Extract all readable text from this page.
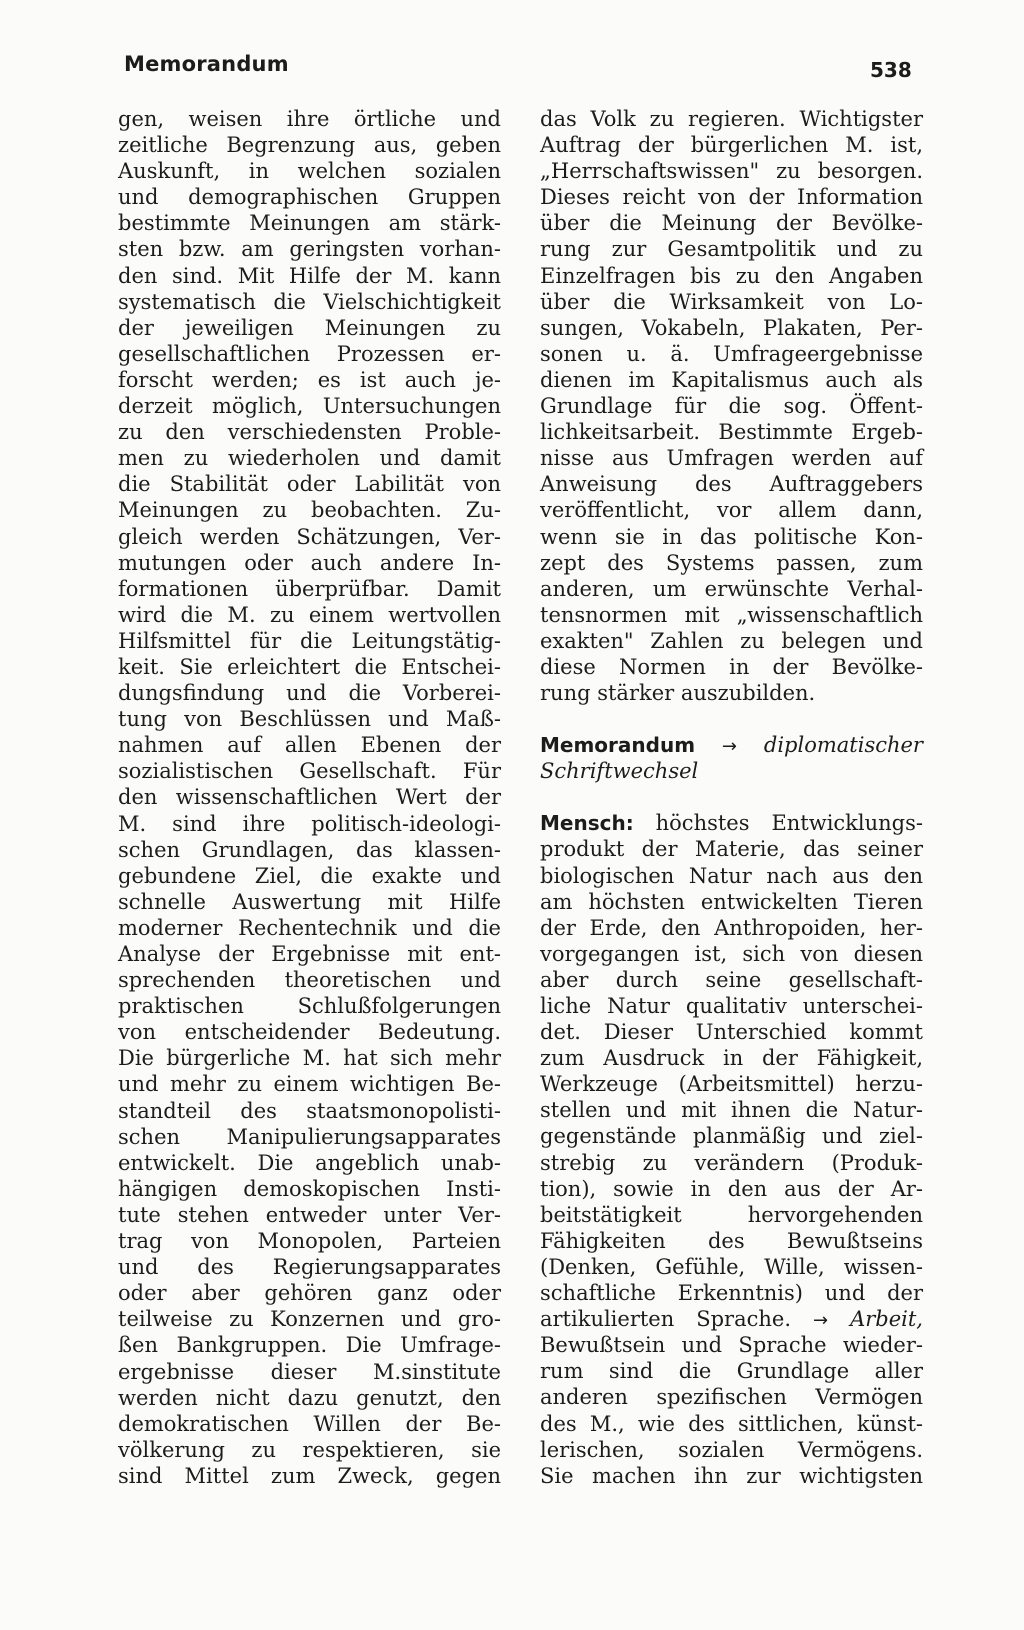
Memorandum	538
gen, weisen ihre örtliche und
zeitliche Begrenzung aus, geben
Auskunft, in welchen sozialen
und demographischen Gruppen
bestimmte Meinungen am stärk-
sten bzw. am geringsten vorhan-
den sind. Mit Hilfe der M. kann
systematisch die Vielschichtigkeit
der jeweiligen Meinungen zu
gesellschaftlichen Prozessen er-
forscht werden; es ist auch je-
derzeit möglich, Untersuchungen
zu den verschiedensten Proble-
men zu wiederholen und damit
die Stabilität oder Labilität von
Meinungen zu beobachten. Zu-
gleich werden Schätzungen, Ver-
mutungen oder auch andere In-
formationen überprüfbar. Damit
wird die M. zu einem wertvollen
Hilfsmittel für die Leitungstätig-
keit. Sie erleichtert die Entschei-
dungsfindung und die Vorberei-
tung von Beschlüssen und Maß-
nahmen auf allen Ebenen der
sozialistischen Gesellschaft. Für
den wissenschaftlichen Wert der
M. sind ihre politisch-ideologi-
schen Grundlagen, das klassen-
gebundene Ziel, die exakte und
schnelle Auswertung mit Hilfe
moderner Rechentechnik und die
Analyse der Ergebnisse mit ent-
sprechenden theoretischen und
praktischen Schlußfolgerungen
von entscheidender Bedeutung.
Die bürgerliche M. hat sich mehr
und mehr zu einem wichtigen Be-
standteil des staatsmonopolisti-
schen Manipulierungsapparates
entwickelt. Die angeblich unab-
hängigen demoskopischen Insti-
tute stehen entweder unter Ver-
trag von Monopolen, Parteien
und des Regierungsapparates
oder aber gehören ganz oder
teilweise zu Konzernen und gro-
ßen Bankgruppen. Die Umfrage-
ergebnisse dieser M.sinstitute
werden nicht dazu genutzt, den
demokratischen Willen der Be-
völkerung zu respektieren, sie
sind Mittel zum Zweck, gegen
das Volk zu regieren. Wichtigster
Auftrag der bürgerlichen M. ist,
„Herrschaftswissen" zu besorgen.
Dieses reicht von der Information
über die Meinung der Bevölke-
rung zur Gesamtpolitik und zu
Einzelfragen bis zu den Angaben
über die Wirksamkeit von Lo-
sungen, Vokabeln, Plakaten, Per-
sonen u. ä. Umfrageergebnisse
dienen im Kapitalismus auch als
Grundlage für die sog. Öffent-
lichkeitsarbeit. Bestimmte Ergeb-
nisse aus Umfragen werden auf
Anweisung des Auftraggebers
veröffentlicht, vor allem dann,
wenn sie in das politische Kon-
zept des Systems passen, zum
anderen, um erwünschte Verhal-
tensnormen mit „wissenschaftlich
exakten" Zahlen zu belegen und
diese Normen in der Bevölke-
rung stärker auszubilden.
Memorandum → diplomatischer
Schriftwechsel
Mensch: höchstes Entwicklungs-
produkt der Materie, das seiner
biologischen Natur nach aus den
am höchsten entwickelten Tieren
der Erde, den Anthropoiden, her-
vorgegangen ist, sich von diesen
aber durch seine gesellschaft-
liche Natur qualitativ unterschei-
det. Dieser Unterschied kommt
zum Ausdruck in der Fähigkeit,
Werkzeuge (Arbeitsmittel) herzu-
stellen und mit ihnen die Natur-
gegenstände planmäßig und ziel-
strebig zu verändern (Produk-
tion), sowie in den aus der Ar-
beitstätigkeit hervorgehenden
Fähigkeiten des Bewußtseins
(Denken, Gefühle, Wille, wissen-
schaftliche Erkenntnis) und der
artikulierten Sprache. → Arbeit,
Bewußtsein und Sprache wieder-
rum sind die Grundlage aller
anderen spezifischen Vermögen
des M., wie des sittlichen, künst-
lerischen, sozialen Vermögens.
Sie machen ihn zur wichtigsten
